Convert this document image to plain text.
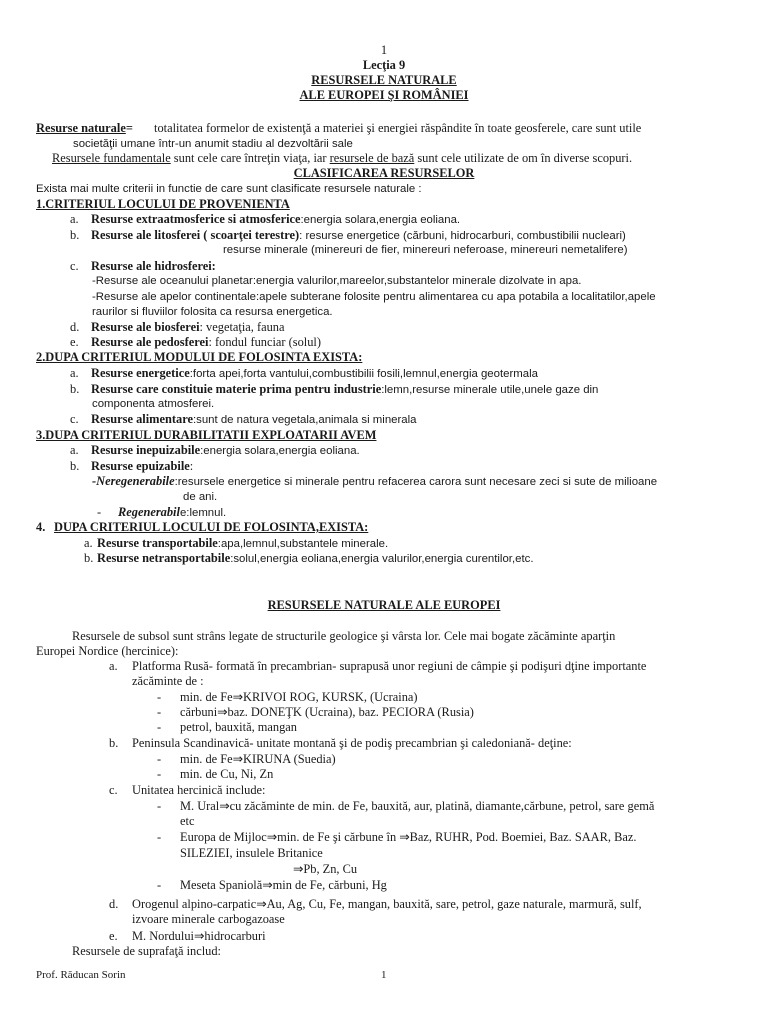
1
Lecţia 9
RESURSELE NATURALE
ALE EUROPEI ŞI ROMÂNIEI
Resurse naturale= totalitatea formelor de existenţă a materiei şi energiei răspândite în toate geosferele, care sunt utile
societăţii umane într-un anumit stadiu al dezvoltării sale
Resursele fundamentale sunt cele care întreţin viaţa, iar resursele de bază sunt cele utilizate de om în diverse scopuri.
CLASIFICAREA RESURSELOR
Exista mai multe criterii in functie de care sunt clasificate resursele naturale :
1.CRITERIUL LOCULUI DE PROVENIENTA
a. Resurse extraatmosferice si atmosferice:energia solara,energia eoliana.
b. Resurse ale litosferei ( scoarţei terestre): resurse energetice (cărbuni, hidrocarburi, combustibilii nucleari)
resurse minerale (minereuri de fier, minereuri neferoase, minereuri nemetalifere)
c. Resurse ale hidrosferei:
-Resurse ale oceanului planetar:energia valurilor,mareelor,substantelor minerale dizolvate in apa.
-Resurse ale apelor continentale:apele subterane folosite pentru alimentarea cu apa potabila a localitatilor,apele
raurilor si fluviilor folosita ca resursa energetica.
d. Resurse ale biosferei: vegetaţia, fauna
e. Resurse ale pedosferei: fondul funciar (solul)
2.DUPA CRITERIUL MODULUI DE FOLOSINTA EXISTA:
a. Resurse energetice:forta apei,forta vantului,combustibilii fosili,lemnul,energia geotermala
b. Resurse care constituie materie prima pentru industrie:lemn,resurse minerale utile,unele gaze din
componenta atmosferei.
c. Resurse alimentare:sunt de natura vegetala,animala si minerala
3.DUPA CRITERIUL DURABILITATII EXPLOATARII AVEM
a. Resurse inepuizabile:energia solara,energia eoliana.
b. Resurse epuizabile:
-Neregenerabile:resursele energetice si minerale pentru refacerea carora sunt necesare zeci si sute de milioane
de ani.
- Regenerabile:lemnul.
4. DUPA CRITERIUL LOCULUI DE FOLOSINTA,EXISTA:
a. Resurse transportabile:apa,lemnul,substantele minerale.
b. Resurse netransportabile:solul,energia eoliana,energia valurilor,energia curentilor,etc.
RESURSELE NATURALE ALE EUROPEI
Resursele de subsol sunt strâns legate de structurile geologice şi vârsta lor. Cele mai bogate zăcăminte aparţin
Europei Nordice (hercinice):
a. Platforma Rusă- formată în precambrian- suprapusă unor regiuni de câmpie şi podişuri dţine importante
zăcăminte de :
- min. de Fe⇒KRIVOI ROG, KURSK, (Ucraina)
- cărbuni⇒baz. DONEŢK (Ucraina), baz. PECIORA (Rusia)
- petrol, bauxită, mangan
b. Peninsula Scandinavică- unitate montană şi de podiş precambrian şi caledoniană- deţine:
- min. de Fe⇒KIRUNA (Suedia)
- min. de Cu, Ni, Zn
c. Unitatea hercinică include:
- M. Ural⇒cu zăcăminte de min. de Fe, bauxită, aur, platină, diamante,cărbune, petrol, sare gemă
etc
- Europa de Mijloc⇒min. de Fe şi cărbune în ⇒Baz, RUHR, Pod. Boemiei, Baz. SAAR, Baz.
SILEZIEI, insulele Britanice
⇒Pb, Zn, Cu
- Meseta Spaniolă⇒min de Fe, cărbuni, Hg
d. Orogenul alpino-carpatic⇒Au, Ag, Cu, Fe, mangan, bauxită, sare, petrol, gaze naturale, marmură, sulf,
izvoare minerale carbogazoase
e. M. Nordului⇒hidrocarburi
Resursele de suprafaţă includ:
Prof. Răducan Sorin	1
